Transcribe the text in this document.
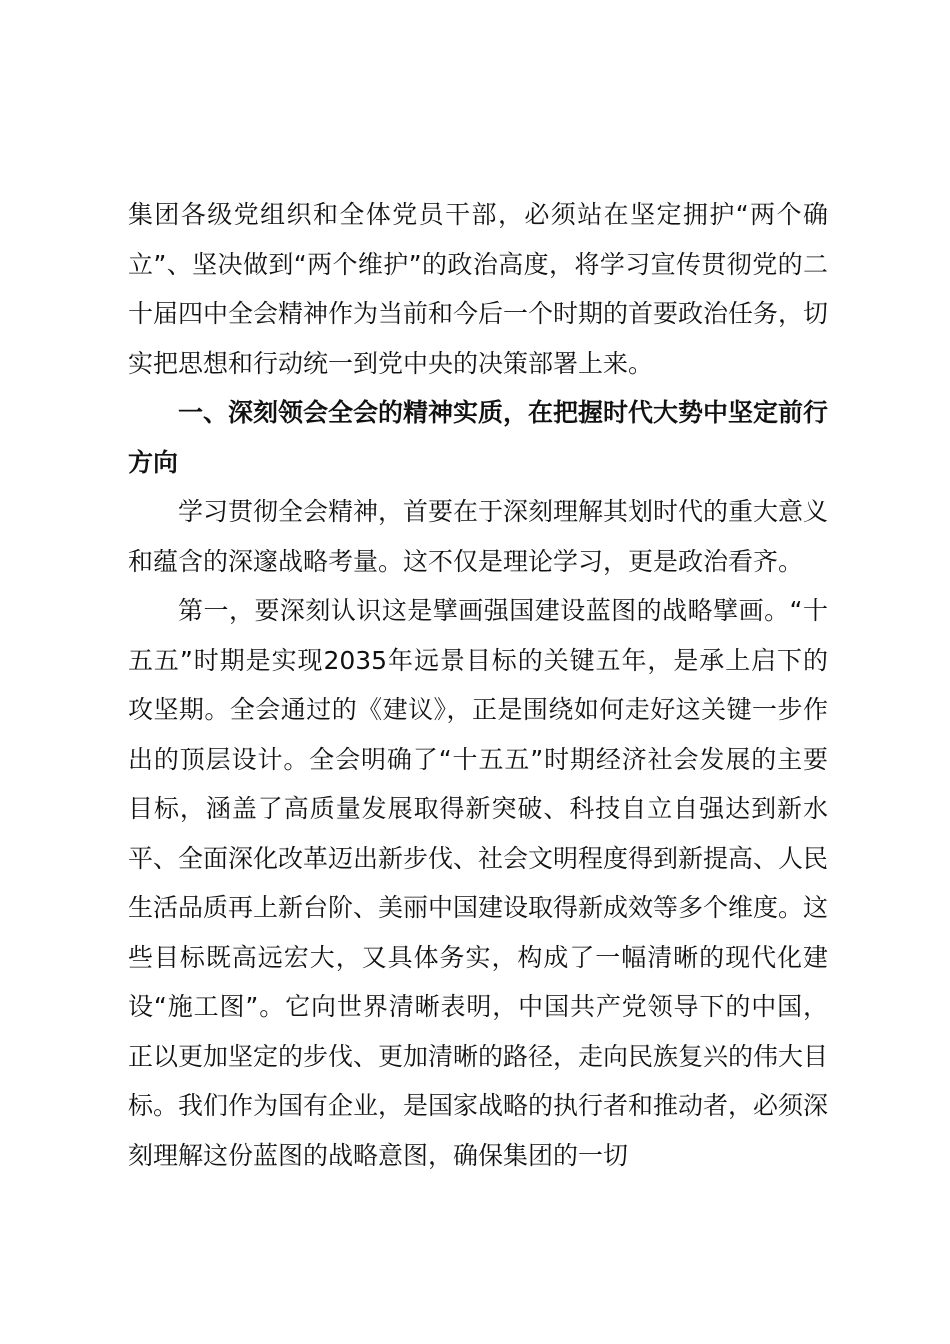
集团各级党组织和全体党员干部，必须站在坚定拥护“两个确立”、坚决做到“两个维护”的政治高度，将学习宣传贯彻党的二十届四中全会精神作为当前和今后一个时期的首要政治任务，切实把思想和行动统一到党中央的决策部署上来。

一、深刻领会全会的精神实质，在把握时代大势中坚定前行方向

学习贯彻全会精神，首要在于深刻理解其划时代的重大意义和蕴含的深邃战略考量。这不仅是理论学习，更是政治看齐。

第一，要深刻认识这是擘画强国建设蓝图的战略擘画。“十五五”时期是实现2035年远景目标的关键五年，是承上启下的攻坚期。全会通过的《建议》，正是围绕如何走好这关键一步作出的顶层设计。全会明确了“十五五”时期经济社会发展的主要目标，涵盖了高质量发展取得新突破、科技自立自强达到新水平、全面深化改革迈出新步伐、社会文明程度得到新提高、人民生活品质再上新台阶、美丽中国建设取得新成效等多个维度。这些目标既高远宏大，又具体务实，构成了一幅清晰的现代化建设“施工图”。它向世界清晰表明，中国共产党领导下的中国，正以更加坚定的步伐、更加清晰的路径，走向民族复兴的伟大目标。我们作为国有企业，是国家战略的执行者和推动者，必须深刻理解这份蓝图的战略意图，确保集团的一切
